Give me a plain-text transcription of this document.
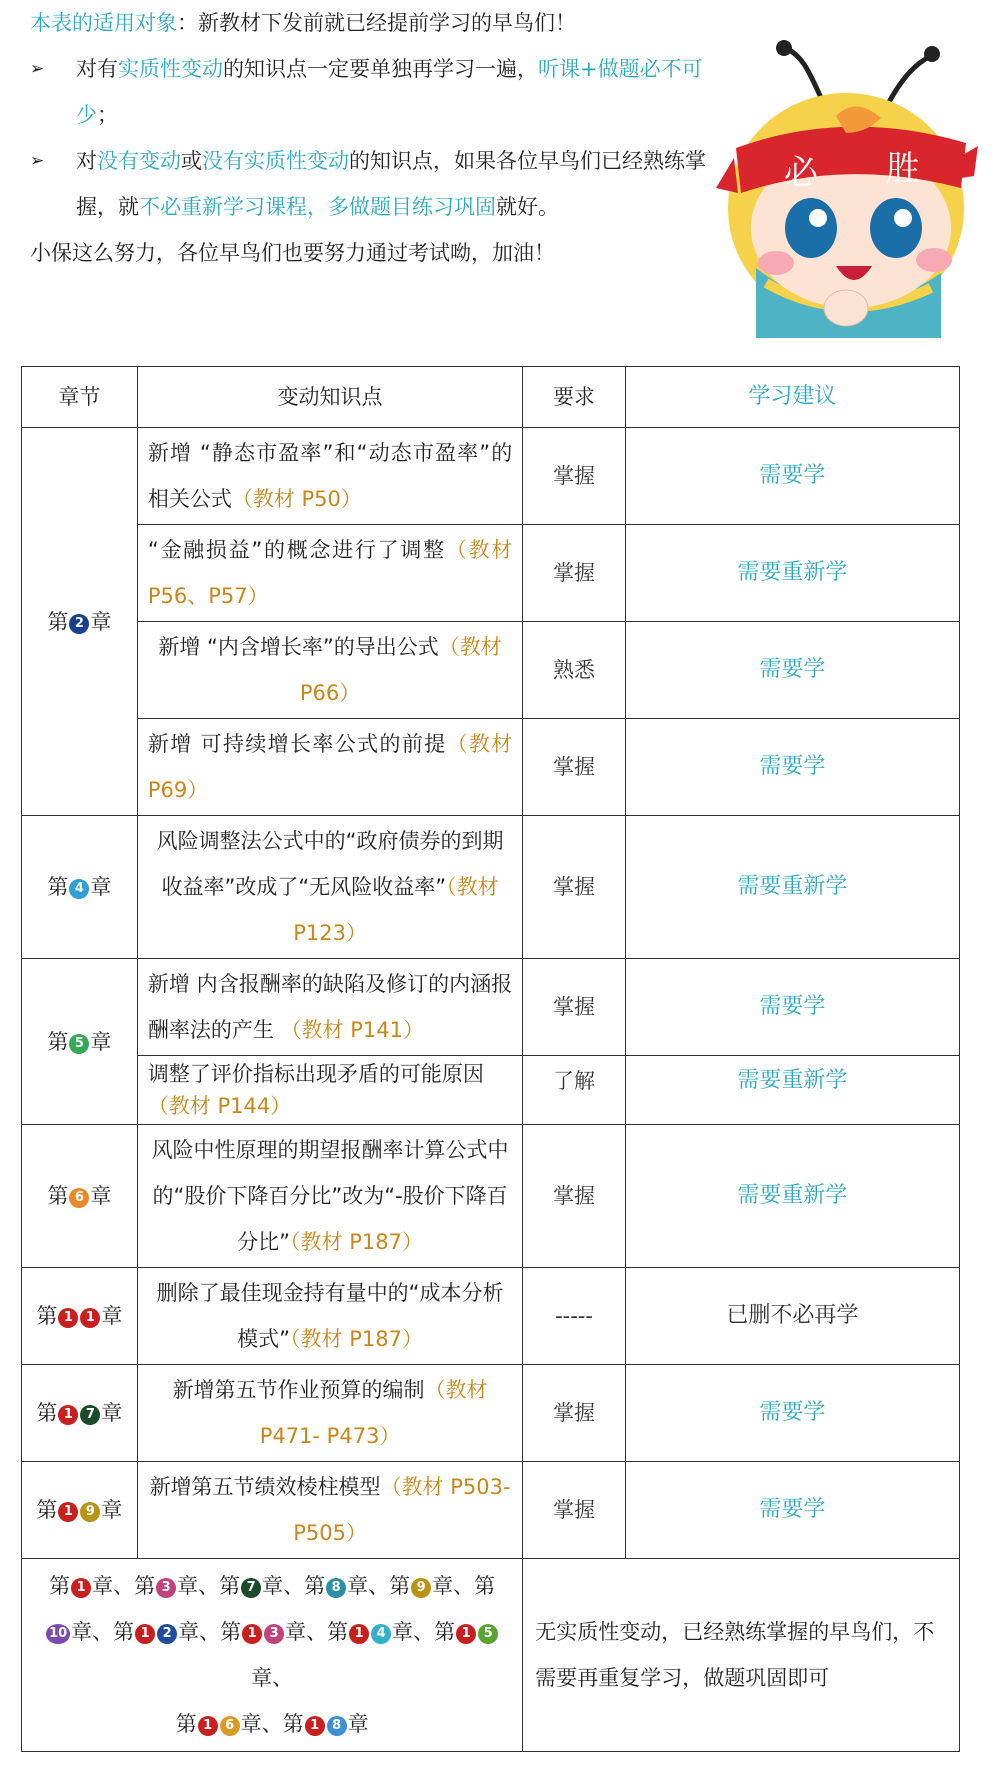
本表的适用对象：新教材下发前就已经提前学习的早鸟们！

➢ 对有实质性变动的知识点一定要单独再学习一遍，听课+做题必不可少；

➢ 对没有变动或没有实质性变动的知识点，如果各位早鸟们已经熟练掌握，就不必重新学习课程，多做题目练习巩固就好。

小保这么努力，各位早鸟们也要努力通过考试呦，加油！

必 胜
章节	变动知识点	要求	学习建议
第 2 章	新增 “静态市盈率”和“动态市盈率”的相关公式（教材 P50）	掌握	需要学
	“金融损益”的概念进行了调整（教材 P56、P57）	掌握	需要重新学
	新增 “内含增长率”的导出公式（教材 P66）	熟悉	需要学
	新增 可持续增长率公式的前提（教材 P69）	掌握	需要学
第 4 章	风险调整法公式中的“政府债券的到期收益率”改成了“无风险收益率”（教材 P123）	掌握	需要重新学
第 5 章	新增 内含报酬率的缺陷及修订的内涵报酬率法的产生 （教材 P141）	掌握	需要学
	调整了评价指标出现矛盾的可能原因（教材 P144）	了解	需要重新学
第 6 章	风险中性原理的期望报酬率计算公式中的“股价下降百分比”改为“-股价下降百分比”（教材 P187）	掌握	需要重新学
第 1 1 章	删除了最佳现金持有量中的“成本分析模式”（教材 P187）	-----	已删不必再学
第 1 7 章	新增第五节作业预算的编制（教材 P471- P473）	掌握	需要学
第 1 9 章	新增第五节绩效棱柱模型（教材 P503- P505）	掌握	需要学
第 1 章、第 3 章、第 7 章、第 8 章、第 9 章、第
10 章、第 1 2 章、第 1 3 章、第 1 4 章、第 1 5章、
第 1 6 章、第 1 8 章		无实质性变动，已经熟练掌握的早鸟们，不需要再重复学习，做题巩固即可	
